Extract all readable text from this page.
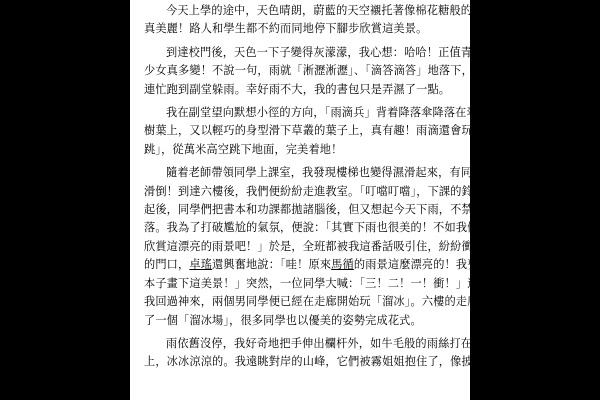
今天上學的途中，天色晴朗，蔚藍的天空襯托著像棉花糖般的雲朵，
真美麗！路人和學生都不約而同地停下腳步欣賞這美景。
到達校門後，天色一下子變得灰濛濛，我心想：哈哈！正值青春期的
少女真多變！不說一句，雨就「淅瀝淅瀝」、「滴答滴答」地落下，我
連忙跑到副堂躲雨。幸好雨不大，我的書包只是弄濕了一點。
我在副堂望向默想小徑的方向，「雨滴兵」背着降落傘降落在翠綠的
樹葉上，又以輕巧的身型滑下草叢的葉子上，真有趣！雨滴還會玩「笨豬
跳」，從萬米高空跳下地面，完美着地！
隨着老師帶領同學上課室，我發現樓梯也變得濕滑起來，有同學差點
滑倒！到達六樓後，我們便紛紛走進教室。「叮噹叮噹」，下課的鈴聲響
起後，同學們把書本和功課都拋諸腦後，但又想起今天下雨，不禁有些失
落。我為了打破尷尬的氣氛，便說：「其實下雨也很美的！不如我們一起
欣賞這漂亮的雨景吧！」於是，全班都被我這番話吸引住，紛紛衝出教室
的門口，卓瑤還興奮地說：「哇！原來馬循的雨景這麼漂亮的！我要用小
本子畫下這美景！」突然，一位同學大喊：「三！二！一！衝！」還未待
我回過神來，兩個男同學便已經在走廊開始玩「溜冰」。六樓的走廊變成
了一個「溜冰場」，很多同學也以優美的姿勢完成花式。
雨依舊沒停，我好奇地把手伸出欄杆外，如牛毛般的雨絲打在我的手
上，冰冰涼涼的。我遠眺對岸的山峰，它們被霧姐姐抱住了，像披上了一
